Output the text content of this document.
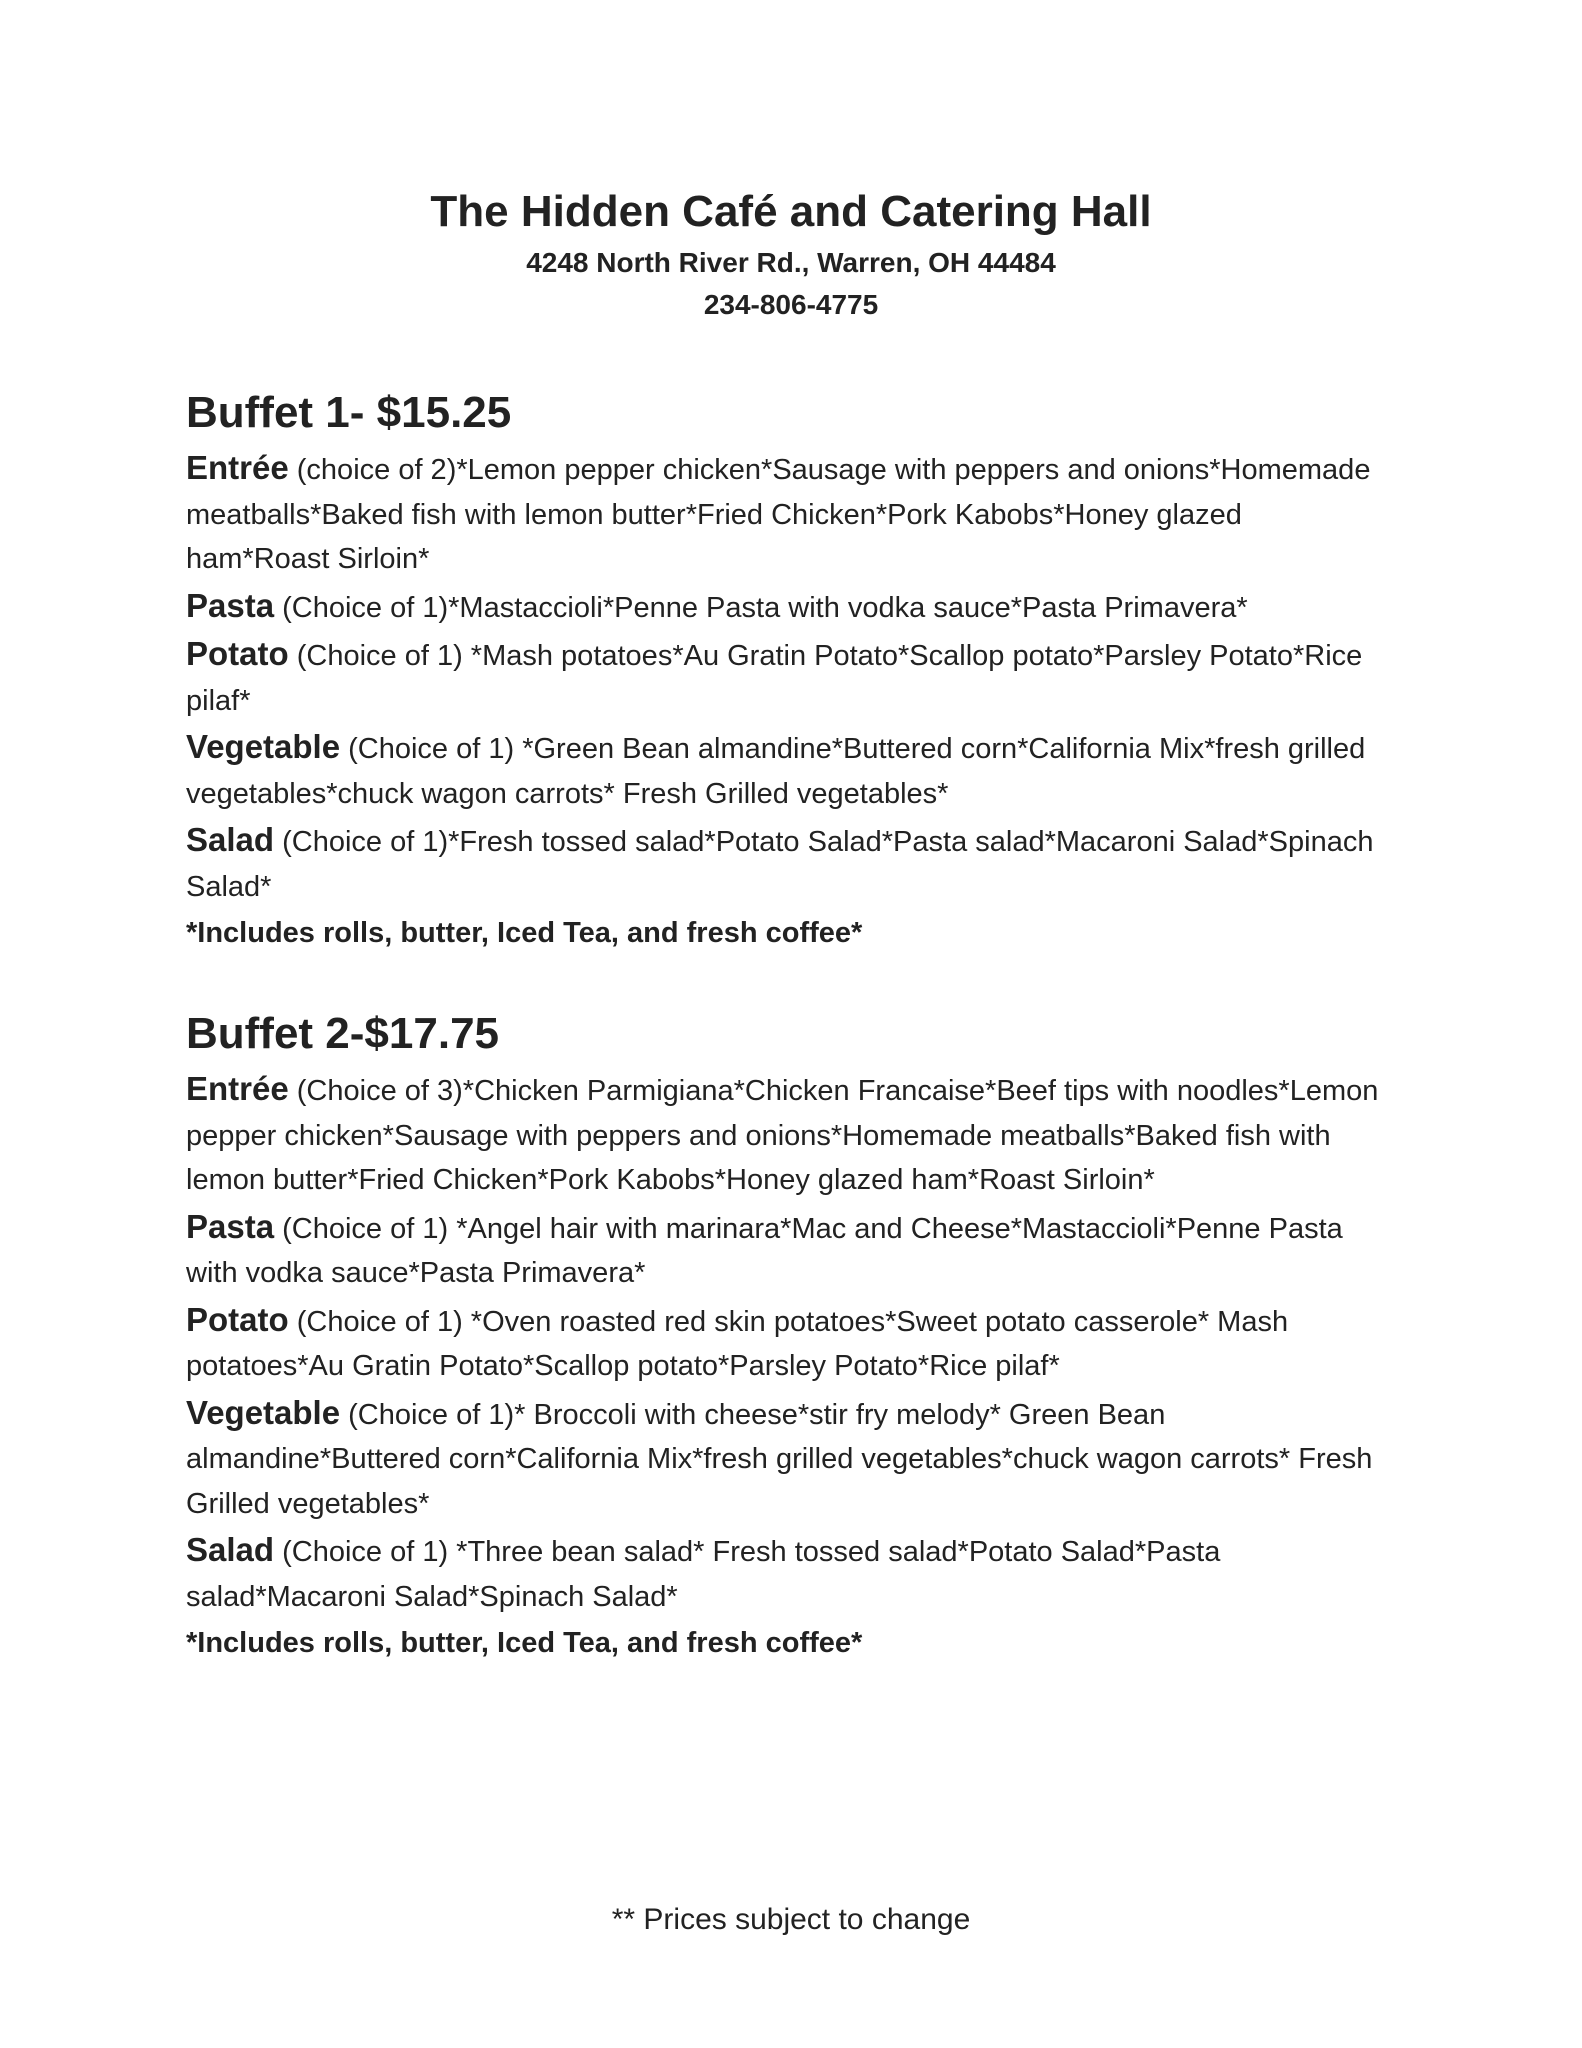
The Hidden Café and Catering Hall

4248 North River Rd., Warren, OH 44484

234-806-4775

Buffet 1- $15.25

Entrée (choice of 2)*Lemon pepper chicken*Sausage with peppers and onions*Homemade meatballs*Baked fish with lemon butter*Fried Chicken*Pork Kabobs*Honey glazed ham*Roast Sirloin*

Pasta (Choice of 1)*Mastaccioli*Penne Pasta with vodka sauce*Pasta Primavera*

Potato (Choice of 1) *Mash potatoes*Au Gratin Potato*Scallop potato*Parsley Potato*Rice pilaf*

Vegetable (Choice of 1) *Green Bean almandine*Buttered corn*California Mix*fresh grilled vegetables*chuck wagon carrots* Fresh Grilled vegetables*

Salad (Choice of 1)*Fresh tossed salad*Potato Salad*Pasta salad*Macaroni Salad*Spinach Salad*

*Includes rolls, butter, Iced Tea, and fresh coffee*

Buffet 2-$17.75

Entrée (Choice of 3)*Chicken Parmigiana*Chicken Francaise*Beef tips with noodles*Lemon pepper chicken*Sausage with peppers and onions*Homemade meatballs*Baked fish with lemon butter*Fried Chicken*Pork Kabobs*Honey glazed ham*Roast Sirloin*

Pasta (Choice of 1) *Angel hair with marinara*Mac and Cheese*Mastaccioli*Penne Pasta with vodka sauce*Pasta Primavera*

Potato (Choice of 1) *Oven roasted red skin potatoes*Sweet potato casserole* Mash potatoes*Au Gratin Potato*Scallop potato*Parsley Potato*Rice pilaf*

Vegetable (Choice of 1)* Broccoli with cheese*stir fry melody* Green Bean almandine*Buttered corn*California Mix*fresh grilled vegetables*chuck wagon carrots* Fresh Grilled vegetables*

Salad (Choice of 1) *Three bean salad* Fresh tossed salad*Potato Salad*Pasta salad*Macaroni Salad*Spinach Salad*

*Includes rolls, butter, Iced Tea, and fresh coffee*

** Prices subject to change
